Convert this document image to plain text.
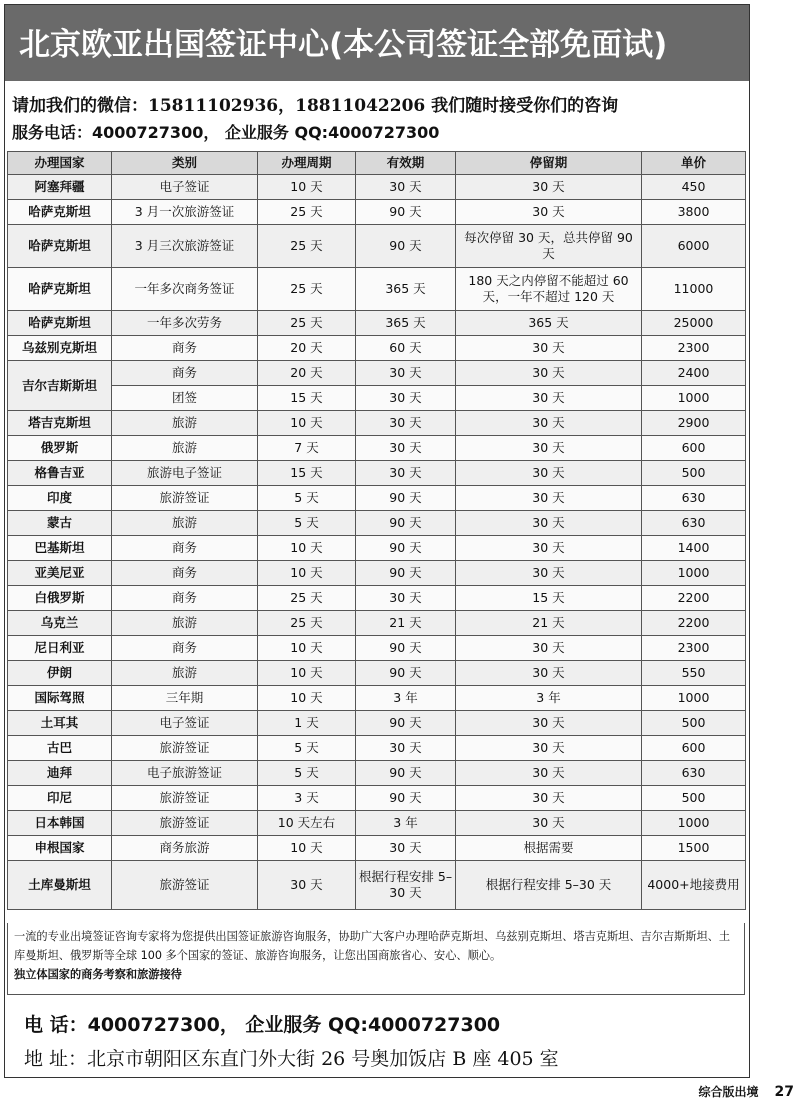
北京欧亚出国签证中心(本公司签证全部免面试)
请加我们的微信：15811102936，18811042206 我们随时接受你们的咨询
服务电话：4000727300， 企业服务 QQ:4000727300
办理国家	类别	办理周期	有效期	停留期	单价
阿塞拜疆	电子签证	10 天	30 天	30 天	450
哈萨克斯坦	3 月一次旅游签证	25 天	90 天	30 天	3800
哈萨克斯坦	3 月三次旅游签证	25 天	90 天	每次停留 30 天，总共停留 90 天	6000
哈萨克斯坦	一年多次商务签证	25 天	365 天	180 天之内停留不能超过 60 天，一年不超过 120 天	11000
哈萨克斯坦	一年多次劳务	25 天	365 天	365 天	25000
乌兹别克斯坦	商务	20 天	60 天	30 天	2300
吉尔吉斯斯坦	商务	20 天	30 天	30 天	2400
	团签	15 天	30 天	30 天	1000
塔吉克斯坦	旅游	10 天	30 天	30 天	2900
俄罗斯	旅游	7 天	30 天	30 天	600
格鲁吉亚	旅游电子签证	15 天	30 天	30 天	500
印度	旅游签证	5 天	90 天	30 天	630
蒙古	旅游	5 天	90 天	30 天	630
巴基斯坦	商务	10 天	90 天	30 天	1400
亚美尼亚	商务	10 天	90 天	30 天	1000
白俄罗斯	商务	25 天	30 天	15 天	2200
乌克兰	旅游	25 天	21 天	21 天	2200
尼日利亚	商务	10 天	90 天	30 天	2300
伊朗	旅游	10 天	90 天	30 天	550
国际驾照	三年期	10 天	3 年	3 年	1000
土耳其	电子签证	1 天	90 天	30 天	500
古巴	旅游签证	5 天	30 天	30 天	600
迪拜	电子旅游签证	5 天	90 天	30 天	630
印尼	旅游签证	3 天	90 天	30 天	500
日本韩国	旅游签证	10 天左右	3 年	30 天	1000
申根国家	商务旅游	10 天	30 天	根据需要	1500
土库曼斯坦	旅游签证	30 天	根据行程安排 5–30 天	根据行程安排 5–30 天	4000+地接费用

一流的专业出境签证咨询专家将为您提供出国签证旅游咨询服务，协助广大客户办理哈萨克斯坦、乌兹别克斯坦、塔吉克斯坦、吉尔吉斯斯坦、土库曼斯坦、俄罗斯等全球 100 多个国家的签证、旅游咨询服务，让您出国商旅省心、安心、顺心。

独立体国家的商务考察和旅游接待

电 话：4000727300， 企业服务 QQ:4000727300
地 址：北京市朝阳区东直门外大街 26 号奥加饭店 B 座 405 室
综合版出境 27
